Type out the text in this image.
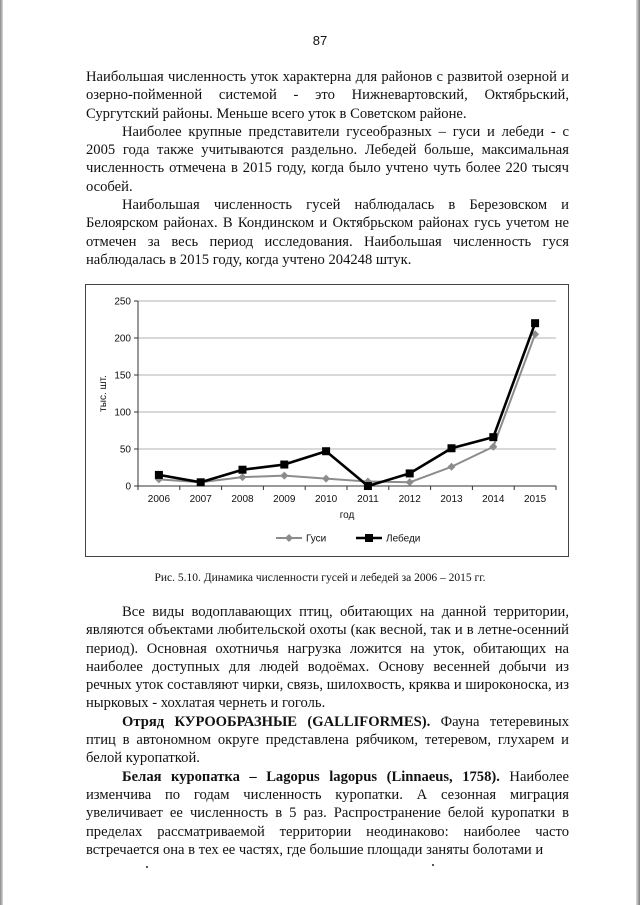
87

Наибольшая численность уток характерна для районов с развитой озерной и озерно-пойменной системой - это Нижневартовский, Октябрьский, Сургутский районы. Меньше всего уток в Советском районе.

Наиболее крупные представители гусеобразных – гуси и лебеди - с 2005 года также учитываются раздельно. Лебедей больше, максимальная численность отмечена в 2015 году, когда было учтено чуть более 220 тысяч особей.

Наибольшая численность гусей наблюдалась в Березовском и Белоярском районах. В Кондинском и Октябрьском районах гусь учетом не отмечен за весь период исследования. Наибольшая численность гуся наблюдалась в 2015 году, когда учтено 204248 штук.

0
50
100
150
200
250
2006 2007 2008 2009 2010 2011 2012 2013 2014 2015
год
тыс. шт.
Гуси	Лебеди
Рис. 5.10. Динамика численности гусей и лебедей за 2006 – 2015 гг.

Все виды водоплавающих птиц, обитающих на данной территории, являются объектами любительской охоты (как весной, так и в летне-осенний период). Основная охотничья нагрузка ложится на уток, обитающих на наиболее доступных для людей водоёмах. Основу весенней добычи из речных уток составляют чирки, связь, шилохвость, кряква и широконоска, из нырковых - хохлатая чернеть и гоголь.

Отряд КУРООБРАЗНЫЕ (GALLIFORMES). Фауна тетеревиных птиц в автономном округе представлена рябчиком, тетеревом, глухарем и белой куропаткой.

Белая куропатка – Lagopus lagopus (Linnaeus, 1758). Наиболее изменчива по годам численность куропатки. А сезонная миграция увеличивает ее численность в 5 раз. Распространение белой куропатки в пределах рассматриваемой территории неодинаково: наиболее часто встречается она в тех ее частях, где большие площади заняты болотами и
